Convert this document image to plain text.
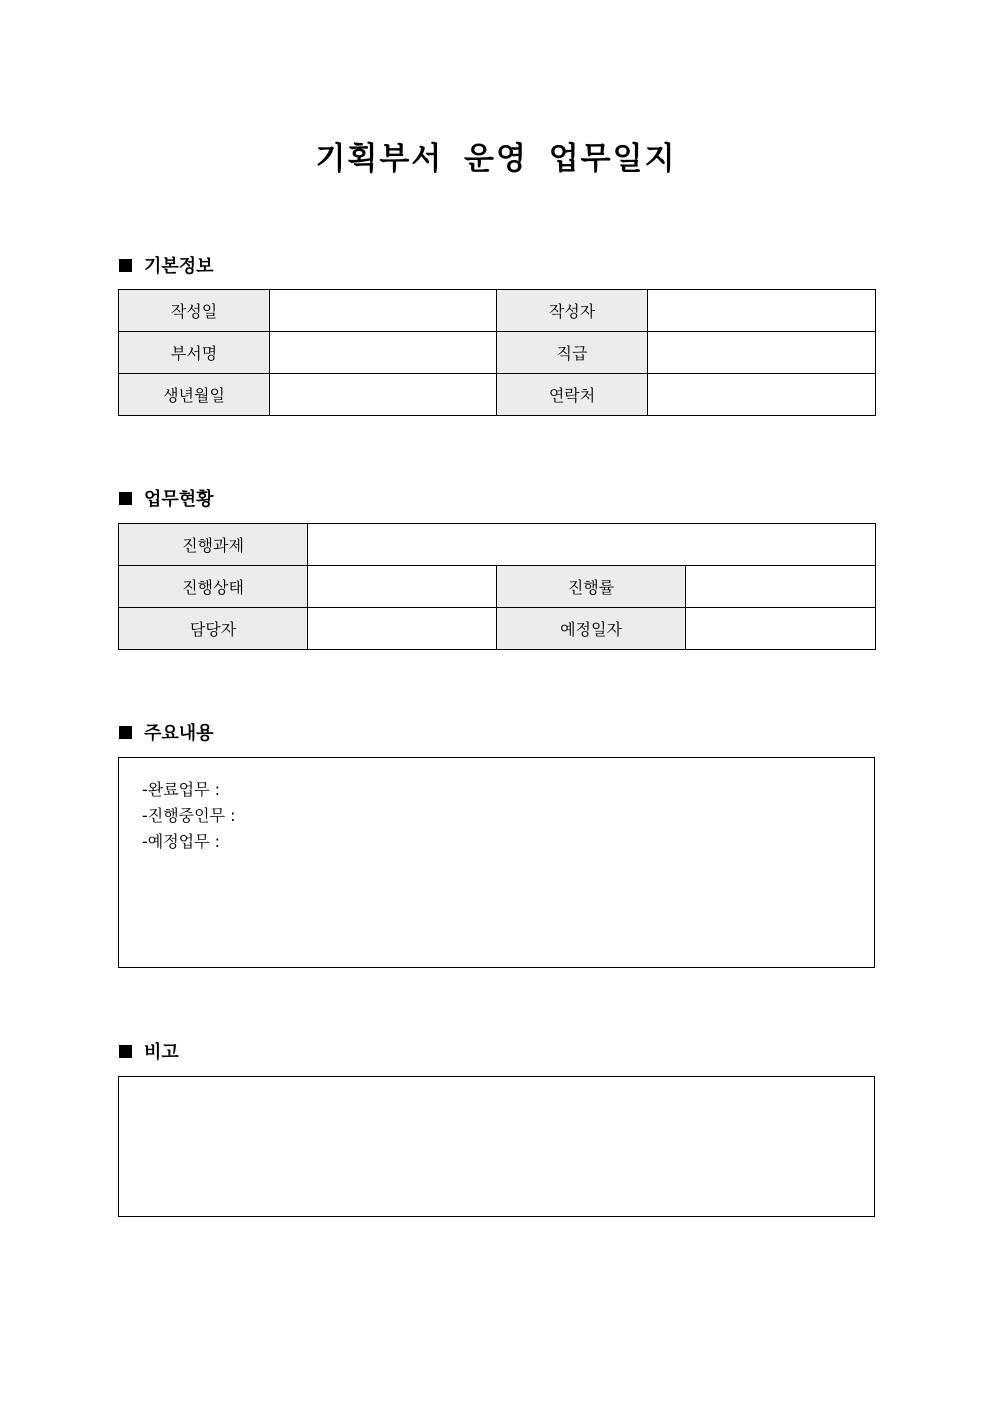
기획부서 운영 업무일지
기본정보
작성일		작성자	
부서명		직급	
생년월일		연락처	
업무현황
진행과제			
진행상태		진행률	
담당자		예정일자	
주요내용
-완료업무 :
-진행중인무 :
-예정업무 :
비고
